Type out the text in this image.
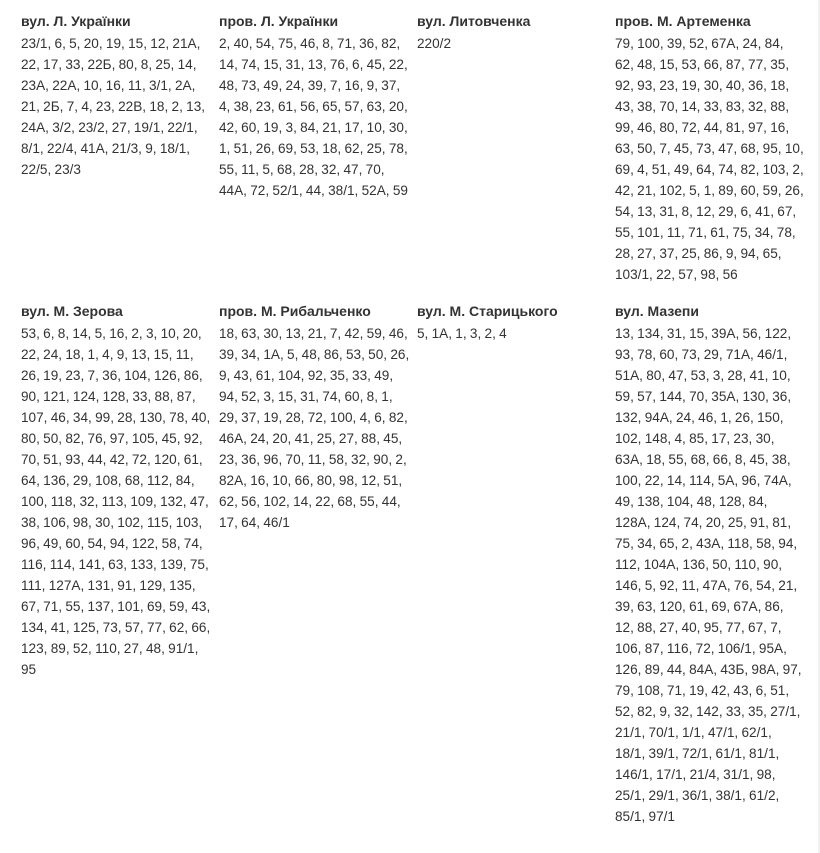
вул. Л. Українки
23/1, 6, 5, 20, 19, 15, 12, 21А, 22, 17, 33, 22Б, 80, 8, 25, 14, 23А, 22А, 10, 16, 11, 3/1, 2А, 21, 2Б, 7, 4, 23, 22В, 18, 2, 13, 24А, 3/2, 23/2, 27, 19/1, 22/1, 8/1, 22/4, 41А, 21/3, 9, 18/1, 22/5, 23/3
пров. Л. Українки
2, 40, 54, 75, 46, 8, 71, 36, 82, 14, 74, 15, 31, 13, 76, 6, 45, 22, 48, 73, 49, 24, 39, 7, 16, 9, 37, 4, 38, 23, 61, 56, 65, 57, 63, 20, 42, 60, 19, 3, 84, 21, 17, 10, 30, 1, 51, 26, 69, 53, 18, 62, 25, 78, 55, 11, 5, 68, 28, 32, 47, 70, 44А, 72, 52/1, 44, 38/1, 52А, 59
вул. Литовченка
220/2
пров. М. Артеменка
79, 100, 39, 52, 67А, 24, 84, 62, 48, 15, 53, 66, 87, 77, 35, 92, 93, 23, 19, 30, 40, 36, 18, 43, 38, 70, 14, 33, 83, 32, 88, 99, 46, 80, 72, 44, 81, 97, 16, 63, 50, 7, 45, 73, 47, 68, 95, 10, 69, 4, 51, 49, 64, 74, 82, 103, 2, 42, 21, 102, 5, 1, 89, 60, 59, 26, 54, 13, 31, 8, 12, 29, 6, 41, 67, 55, 101, 11, 71, 61, 75, 34, 78, 28, 27, 37, 25, 86, 9, 94, 65, 103/1, 22, 57, 98, 56
вул. М. Зерова
53, 6, 8, 14, 5, 16, 2, 3, 10, 20, 22, 24, 18, 1, 4, 9, 13, 15, 11, 26, 19, 23, 7, 36, 104, 126, 86, 90, 121, 124, 128, 33, 88, 87, 107, 46, 34, 99, 28, 130, 78, 40, 80, 50, 82, 76, 97, 105, 45, 92, 70, 51, 93, 44, 42, 72, 120, 61, 64, 136, 29, 108, 68, 112, 84, 100, 118, 32, 113, 109, 132, 47, 38, 106, 98, 30, 102, 115, 103, 96, 49, 60, 54, 94, 122, 58, 74, 116, 114, 141, 63, 133, 139, 75, 111, 127А, 131, 91, 129, 135, 67, 71, 55, 137, 101, 69, 59, 43, 134, 41, 125, 73, 57, 77, 62, 66, 123, 89, 52, 110, 27, 48, 91/1, 95
пров. М. Рибальченко
18, 63, 30, 13, 21, 7, 42, 59, 46, 39, 34, 1А, 5, 48, 86, 53, 50, 26, 9, 43, 61, 104, 92, 35, 33, 49, 94, 52, 3, 15, 31, 74, 60, 8, 1, 29, 37, 19, 28, 72, 100, 4, 6, 82, 46А, 24, 20, 41, 25, 27, 88, 45, 23, 36, 96, 70, 11, 58, 32, 90, 2, 82А, 16, 10, 66, 80, 98, 12, 51, 62, 56, 102, 14, 22, 68, 55, 44, 17, 64, 46/1
вул. М. Старицького
5, 1А, 1, 3, 2, 4
вул. Мазепи
13, 134, 31, 15, 39А, 56, 122, 93, 78, 60, 73, 29, 71А, 46/1, 51А, 80, 47, 53, 3, 28, 41, 10, 59, 57, 144, 70, 35А, 130, 36, 132, 94А, 24, 46, 1, 26, 150, 102, 148, 4, 85, 17, 23, 30, 63А, 18, 55, 68, 66, 8, 45, 38, 100, 22, 14, 114, 5А, 96, 74А, 49, 138, 104, 48, 128, 84, 128А, 124, 74, 20, 25, 91, 81, 75, 34, 65, 2, 43А, 118, 58, 94, 112, 104А, 136, 50, 110, 90, 146, 5, 92, 11, 47А, 76, 54, 21, 39, 63, 120, 61, 69, 67А, 86, 12, 88, 27, 40, 95, 77, 67, 7, 106, 87, 116, 72, 106/1, 95А, 126, 89, 44, 84А, 43Б, 98А, 97, 79, 108, 71, 19, 42, 43, 6, 51, 52, 82, 9, 32, 142, 33, 35, 27/1, 21/1, 70/1, 1/1, 47/1, 62/1, 18/1, 39/1, 72/1, 61/1, 81/1, 146/1, 17/1, 21/4, 31/1, 98, 25/1, 29/1, 36/1, 38/1, 61/2, 85/1, 97/1
